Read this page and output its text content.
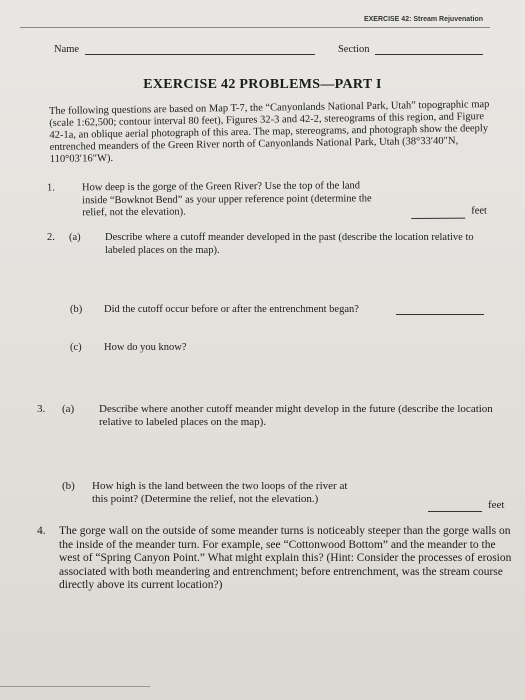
EXERCISE 42: Stream Rejuvenation
Name	Section
EXERCISE 42 PROBLEMS—PART I
The following questions are based on Map T-7, the “Canyonlands National Park, Utah” topographic map (scale 1:62,500; contour interval 80 feet), Figures 32-3 and 42-2, stereograms of this region, and Figure 42-1a, an oblique aerial photograph of this area. The map, stereograms, and photograph show the deeply entrenched meanders of the Green River north of Canyonlands National Park, Utah (38°33′40″N, 110°03′16″W).
1.	How deep is the gorge of the Green River? Use the top of the land inside “Bowknot Bend” as your upper reference point (determine the relief, not the elevation).	feet
2. (a) Describe where a cutoff meander developed in the past (describe the location relative to labeled places on the map).
(b) Did the cutoff occur before or after the entrenchment began?
(c) How do you know?
3. (a) Describe where another cutoff meander might develop in the future (describe the location relative to labeled places on the map).
(b) How high is the land between the two loops of the river at this point? (Determine the relief, not the elevation.)	feet
4. The gorge wall on the outside of some meander turns is noticeably steeper than the gorge walls on the inside of the meander turn. For example, see “Cottonwood Bottom” and the meander to the west of “Spring Canyon Point.” What might explain this? (Hint: Consider the processes of erosion associated with both meandering and entrenchment; before entrenchment, was the stream course directly above its current location?)
